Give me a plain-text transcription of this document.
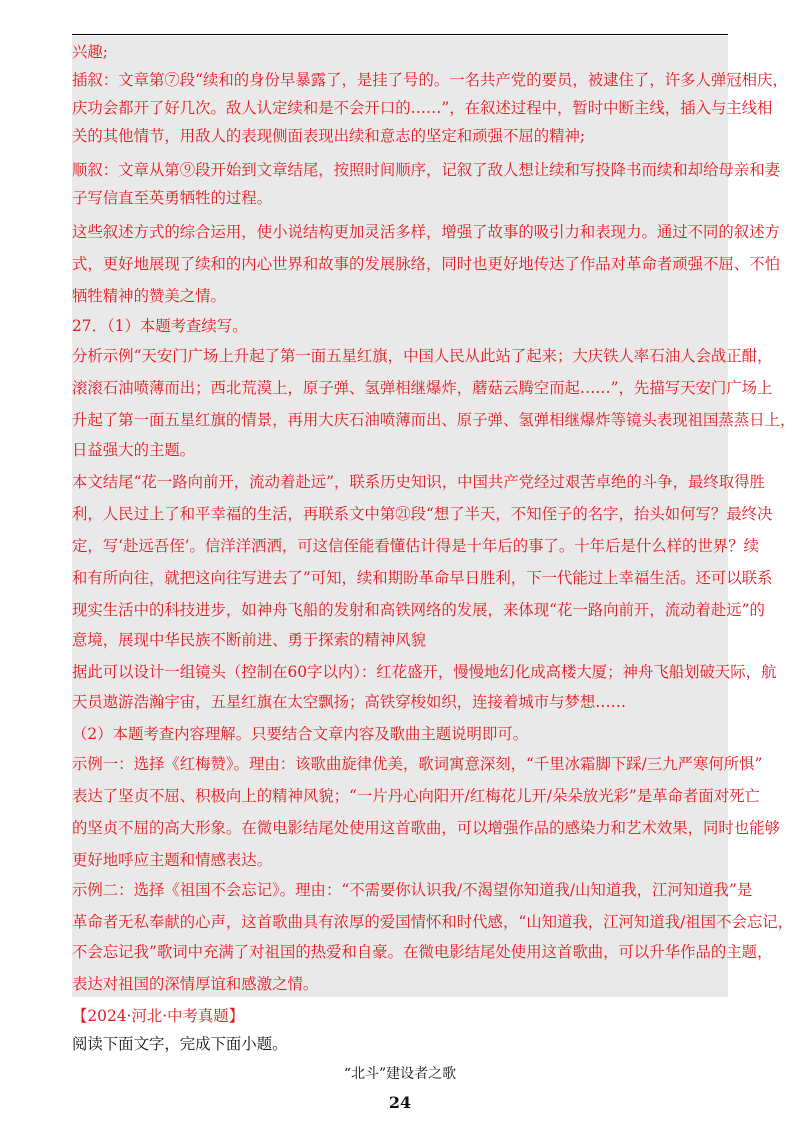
兴趣;
插叙：文章第⑦段“续和的身份早暴露了，是挂了号的。一名共产党的要员，被逮住了，许多人弹冠相庆，
庆功会都开了好几次。敌人认定续和是不会开口的……”，在叙述过程中，暂时中断主线，插入与主线相
关的其他情节，用敌人的表现侧面表现出续和意志的坚定和顽强不屈的精神;
顺叙：文章从第⑨段开始到文章结尾，按照时间顺序，记叙了敌人想让续和写投降书而续和却给母亲和妻
子写信直至英勇牺牲的过程。
这些叙述方式的综合运用，使小说结构更加灵活多样，增强了故事的吸引力和表现力。通过不同的叙述方
式，更好地展现了续和的内心世界和故事的发展脉络，同时也更好地传达了作品对革命者顽强不屈、不怕
牺牲精神的赞美之情。
27．（1）本题考查续写。
分析示例“天安门广场上升起了第一面五星红旗，中国人民从此站了起来；大庆铁人率石油人会战正酣，
滚滚石油喷薄而出；西北荒漠上，原子弹、氢弹相继爆炸，蘑菇云腾空而起……”，先描写天安门广场上
升起了第一面五星红旗的情景，再用大庆石油喷薄而出、原子弹、氢弹相继爆炸等镜头表现祖国蒸蒸日上，
日益强大的主题。
本文结尾“花一路向前开，流动着赴远”，联系历史知识，中国共产党经过艰苦卓绝的斗争，最终取得胜
利，人民过上了和平幸福的生活，再联系文中第㉑段“想了半天，不知侄子的名字，抬头如何写？最终决
定，写‘赴远吾侄’。信洋洋洒洒，可这信侄能看懂估计得是十年后的事了。十年后是什么样的世界？续
和有所向往，就把这向往写进去了”可知，续和期盼革命早日胜利，下一代能过上幸福生活。还可以联系
现实生活中的科技进步，如神舟飞船的发射和高铁网络的发展，来体现“花一路向前开，流动着赴远”的
意境，展现中华民族不断前进、勇于探索的精神风貌
据此可以设计一组镜头（控制在60字以内）：红花盛开，慢慢地幻化成高楼大厦；神舟飞船划破天际，航
天员遨游浩瀚宇宙，五星红旗在太空飘扬；高铁穿梭如织，连接着城市与梦想……
（2）本题考查内容理解。只要结合文章内容及歌曲主题说明即可。
示例一：选择《红梅赞》。理由：该歌曲旋律优美，歌词寓意深刻，“千里冰霜脚下踩/三九严寒何所惧”
表达了坚贞不屈、积极向上的精神风貌；“一片丹心向阳开/红梅花儿开/朵朵放光彩”是革命者面对死亡
的坚贞不屈的高大形象。在微电影结尾处使用这首歌曲，可以增强作品的感染力和艺术效果，同时也能够
更好地呼应主题和情感表达。
示例二：选择《祖国不会忘记》。理由：“不需要你认识我/不渴望你知道我/山知道我，江河知道我”是
革命者无私奉献的心声，这首歌曲具有浓厚的爱国情怀和时代感，“山知道我，江河知道我/祖国不会忘记，
不会忘记我”歌词中充满了对祖国的热爱和自豪。在微电影结尾处使用这首歌曲，可以升华作品的主题，
表达对祖国的深情厚谊和感激之情。
【2024·河北·中考真题】
阅读下面文字，完成下面小题。
“北斗”建设者之歌
24
